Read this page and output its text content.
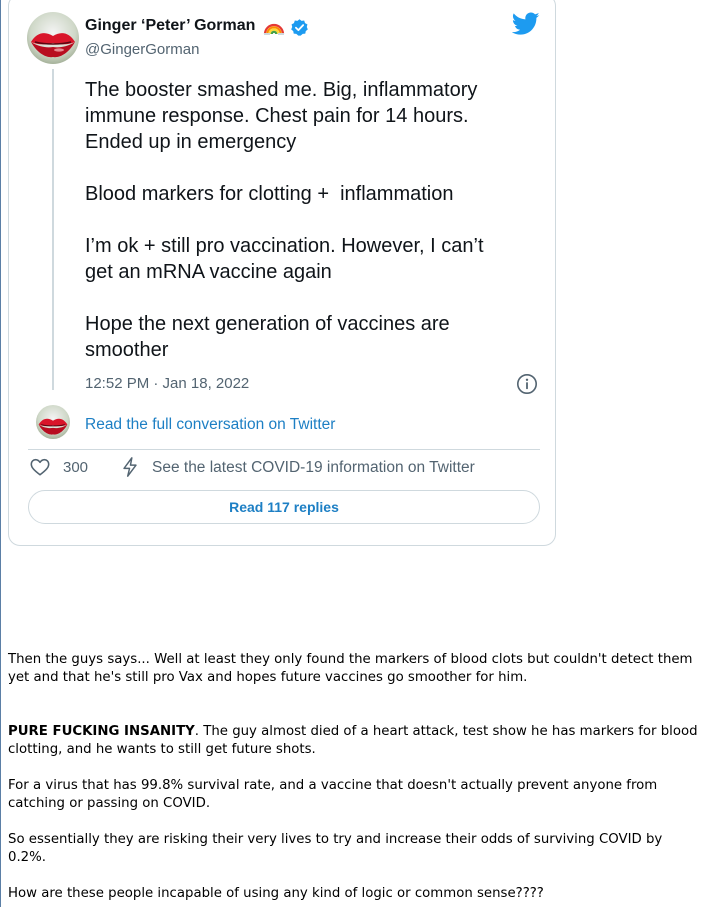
Ginger ‘Peter’ Gorman
@GingerGorman

The booster smashed me. Big, inflammatory
immune response. Chest pain for 14 hours.
Ended up in emergency

Blood markers for clotting +  inflammation

I’m ok + still pro vaccination. However, I can’t
get an mRNA vaccine again

Hope the next generation of vaccines are
smoother

12:52 PM · Jan 18, 2022
Read the full conversation on Twitter
300	See the latest COVID-19 information on Twitter
Read 117 replies

Then the guys says... Well at least they only found the markers of blood clots but couldn't detect them yet and that he's still pro Vax and hopes future vaccines go smoother for him.

PURE FUCKING INSANITY. The guy almost died of a heart attack, test show he has markers for blood clotting, and he wants to still get future shots.

For a virus that has 99.8% survival rate, and a vaccine that doesn't actually prevent anyone from catching or passing on COVID.

So essentially they are risking their very lives to try and increase their odds of surviving COVID by 0.2%.

How are these people incapable of using any kind of logic or common sense????
